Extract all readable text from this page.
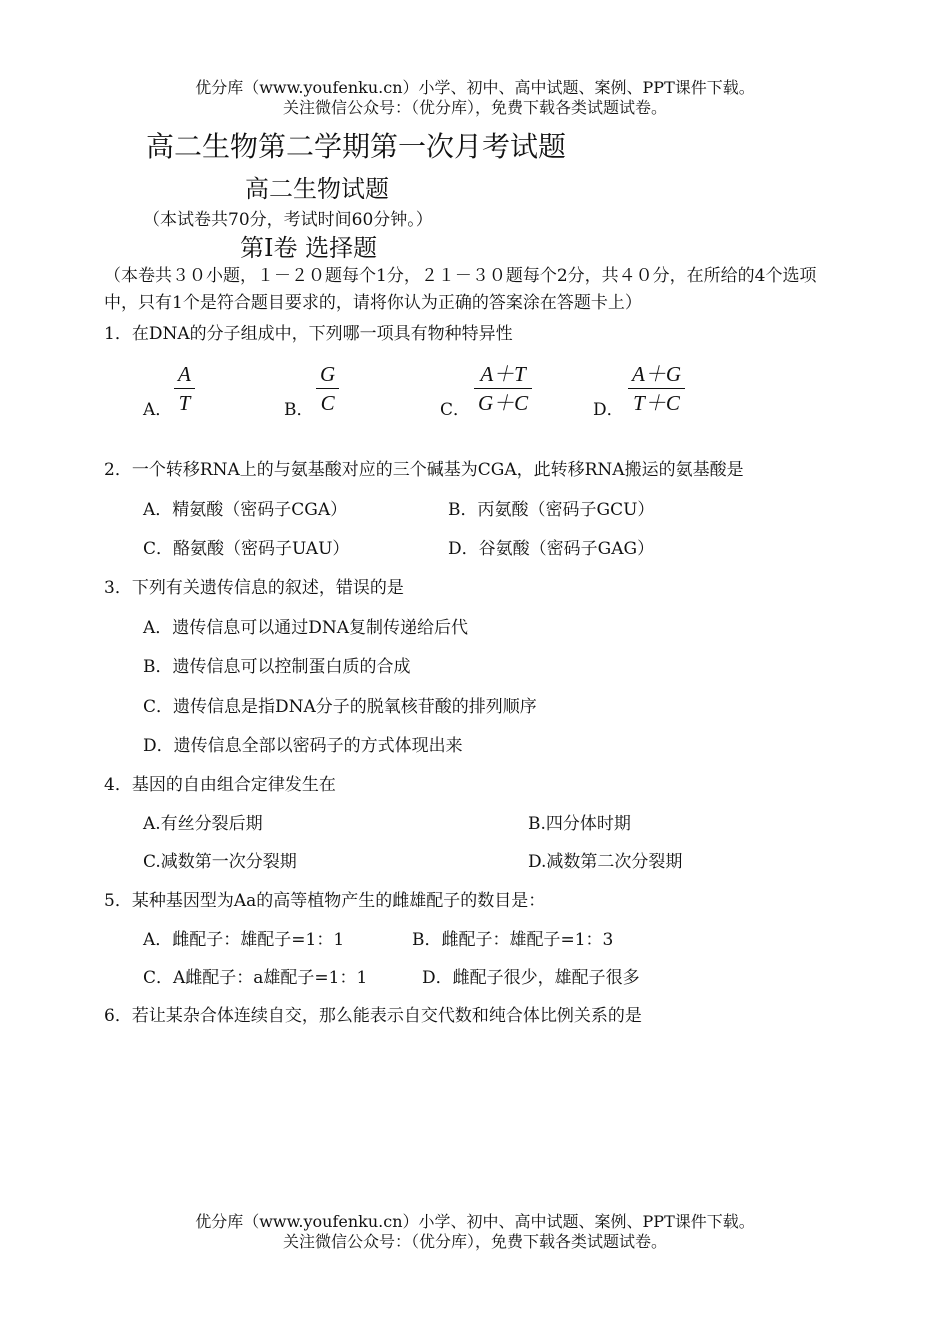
优分库（www.youfenku.cn）小学、初中、高中试题、案例、PPT课件下载。
关注微信公众号：（优分库），免费下载各类试题试卷。
高二生物第二学期第一次月考试题
高二生物试题
（本试卷共70分，考试时间60分钟。）
第Ⅰ卷 选择题
（本卷共３０小题，１－２０题每个1分，２１－３０题每个2分，共４０分，在所给的4个选项中，只有1个是符合题目要求的，请将你认为正确的答案涂在答题卡上）
1．在DNA的分子组成中，下列哪一项具有物种特异性
A． $\frac{A}{T}$	B． $\frac{G}{C}$	C． $\frac{A+T}{G+C}$	D． $\frac{A+G}{T+C}$
2．一个转移RNA上的与氨基酸对应的三个碱基为CGA，此转移RNA搬运的氨基酸是
A．精氨酸（密码子CGA）	B．丙氨酸（密码子GCU）
C．酪氨酸（密码子UAU）	D．谷氨酸（密码子GAG）
3．下列有关遗传信息的叙述，错误的是
A．遗传信息可以通过DNA复制传递给后代
B．遗传信息可以控制蛋白质的合成
C．遗传信息是指DNA分子的脱氧核苷酸的排列顺序
D．遗传信息全部以密码子的方式体现出来
4．基因的自由组合定律发生在
A.有丝分裂后期	B.四分体时期
C.减数第一次分裂期	D.减数第二次分裂期
5．某种基因型为Aa的高等植物产生的雌雄配子的数目是：
A．雌配子：雄配子=1：1	B．雌配子：雄配子=1：3
C．A雌配子：a雄配子=1：1	D．雌配子很少，雄配子很多
6．若让某杂合体连续自交，那么能表示自交代数和纯合体比例关系的是
优分库（www.youfenku.cn）小学、初中、高中试题、案例、PPT课件下载。
关注微信公众号：（优分库），免费下载各类试题试卷。
